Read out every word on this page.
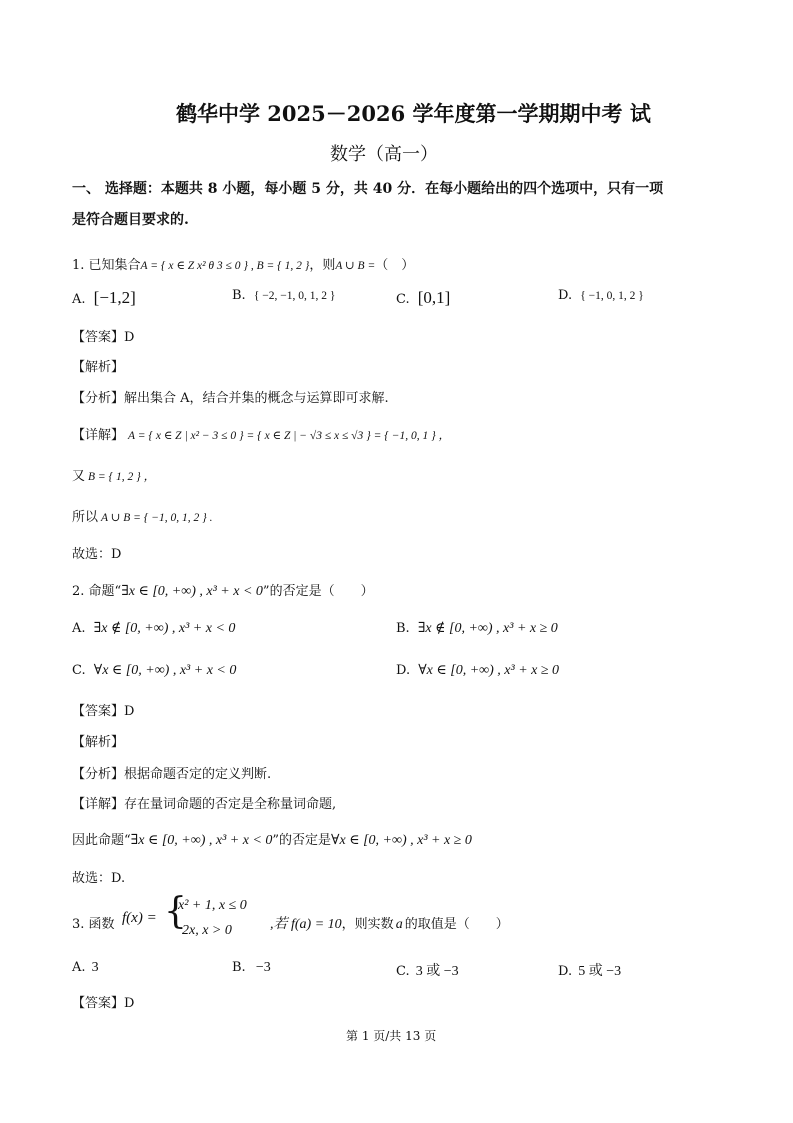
鹤华中学 2025－2026 学年度第一学期期中考 试
数学（高一）
一、 选择题：本题共 8 小题，每小题 5 分，共 40 分．在每小题给出的四个选项中，只有一项
是符合题目要求的.
1. 已知集合A = { x ∈ Z x² θ 3 ≤ 0 } , B = { 1, 2 }，则A ∪ B =（　）
A. [−1,2]	B. { −2, −1, 0, 1, 2 }	C. [0,1]	D. { −1, 0, 1, 2 }
【答案】D
【解析】
【分析】解出集合 A，结合并集的概念与运算即可求解.
【详解】 A = { x ∈ Z | x² − 3 ≤ 0 } = { x ∈ Z | − √3 ≤ x ≤ √3 } = { −1, 0, 1 } ，
又 B = { 1, 2 } ，
所以 A ∪ B = { −1, 0, 1, 2 } .
故选：D
2. 命题“∃x ∈ [0, +∞) , x³ + x < 0”的否定是（　　）
A. ∃x ∉ [0, +∞) , x³ + x < 0	B. ∃x ∉ [0, +∞) , x³ + x ≥ 0
C. ∀x ∈ [0, +∞) , x³ + x < 0	D. ∀x ∈ [0, +∞) , x³ + x ≥ 0
【答案】D
【解析】
【分析】根据命题否定的定义判断.
【详解】存在量词命题的否定是全称量词命题,
因此命题“∃x ∈ [0, +∞) , x³ + x < 0”的否定是∀x ∈ [0, +∞) , x³ + x ≥ 0
故选：D.
3. 函数 f(x) = {
x² + 1, x ≤ 0
2x, x > 0	,若 f(a) = 10，则实数 a 的取值是（　　）
A. 3	B. −3	C. 3 或 −3	D. 5 或 −3
【答案】D
第 1 页/共 13 页
